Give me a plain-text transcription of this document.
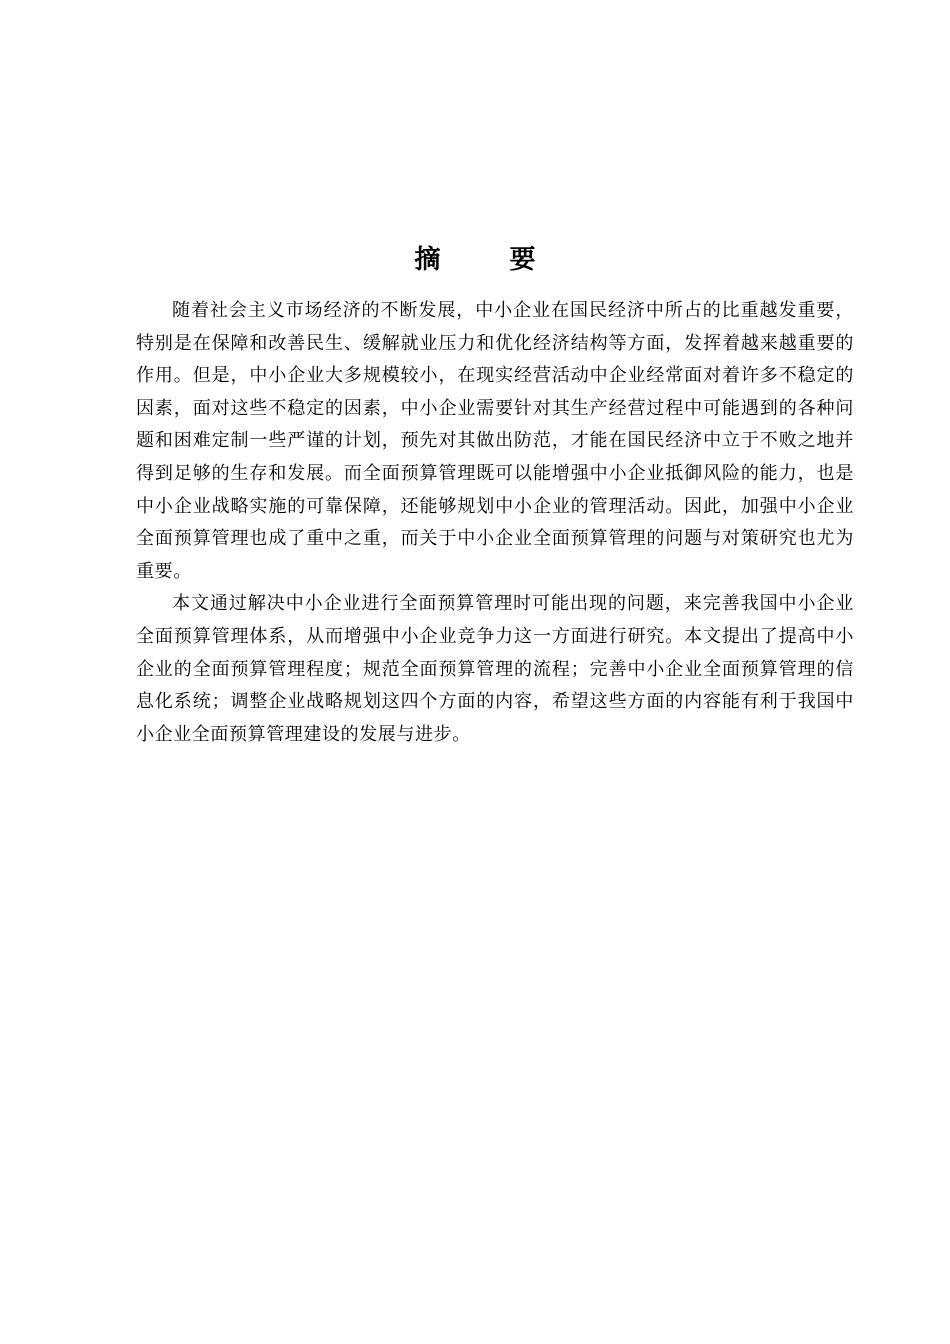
摘 要

随着社会主义市场经济的不断发展，中小企业在国民经济中所占的比重越发重要，特别是在保障和改善民生、缓解就业压力和优化经济结构等方面，发挥着越来越重要的作用。但是，中小企业大多规模较小，在现实经营活动中企业经常面对着许多不稳定的因素，面对这些不稳定的因素，中小企业需要针对其生产经营过程中可能遇到的各种问题和困难定制一些严谨的计划，预先对其做出防范，才能在国民经济中立于不败之地并得到足够的生存和发展。而全面预算管理既可以能增强中小企业抵御风险的能力，也是中小企业战略实施的可靠保障，还能够规划中小企业的管理活动。因此，加强中小企业全面预算管理也成了重中之重，而关于中小企业全面预算管理的问题与对策研究也尤为重要。

本文通过解决中小企业进行全面预算管理时可能出现的问题，来完善我国中小企业全面预算管理体系，从而增强中小企业竞争力这一方面进行研究。本文提出了提高中小企业的全面预算管理程度；规范全面预算管理的流程；完善中小企业全面预算管理的信息化系统；调整企业战略规划这四个方面的内容，希望这些方面的内容能有利于我国中小企业全面预算管理建设的发展与进步。
